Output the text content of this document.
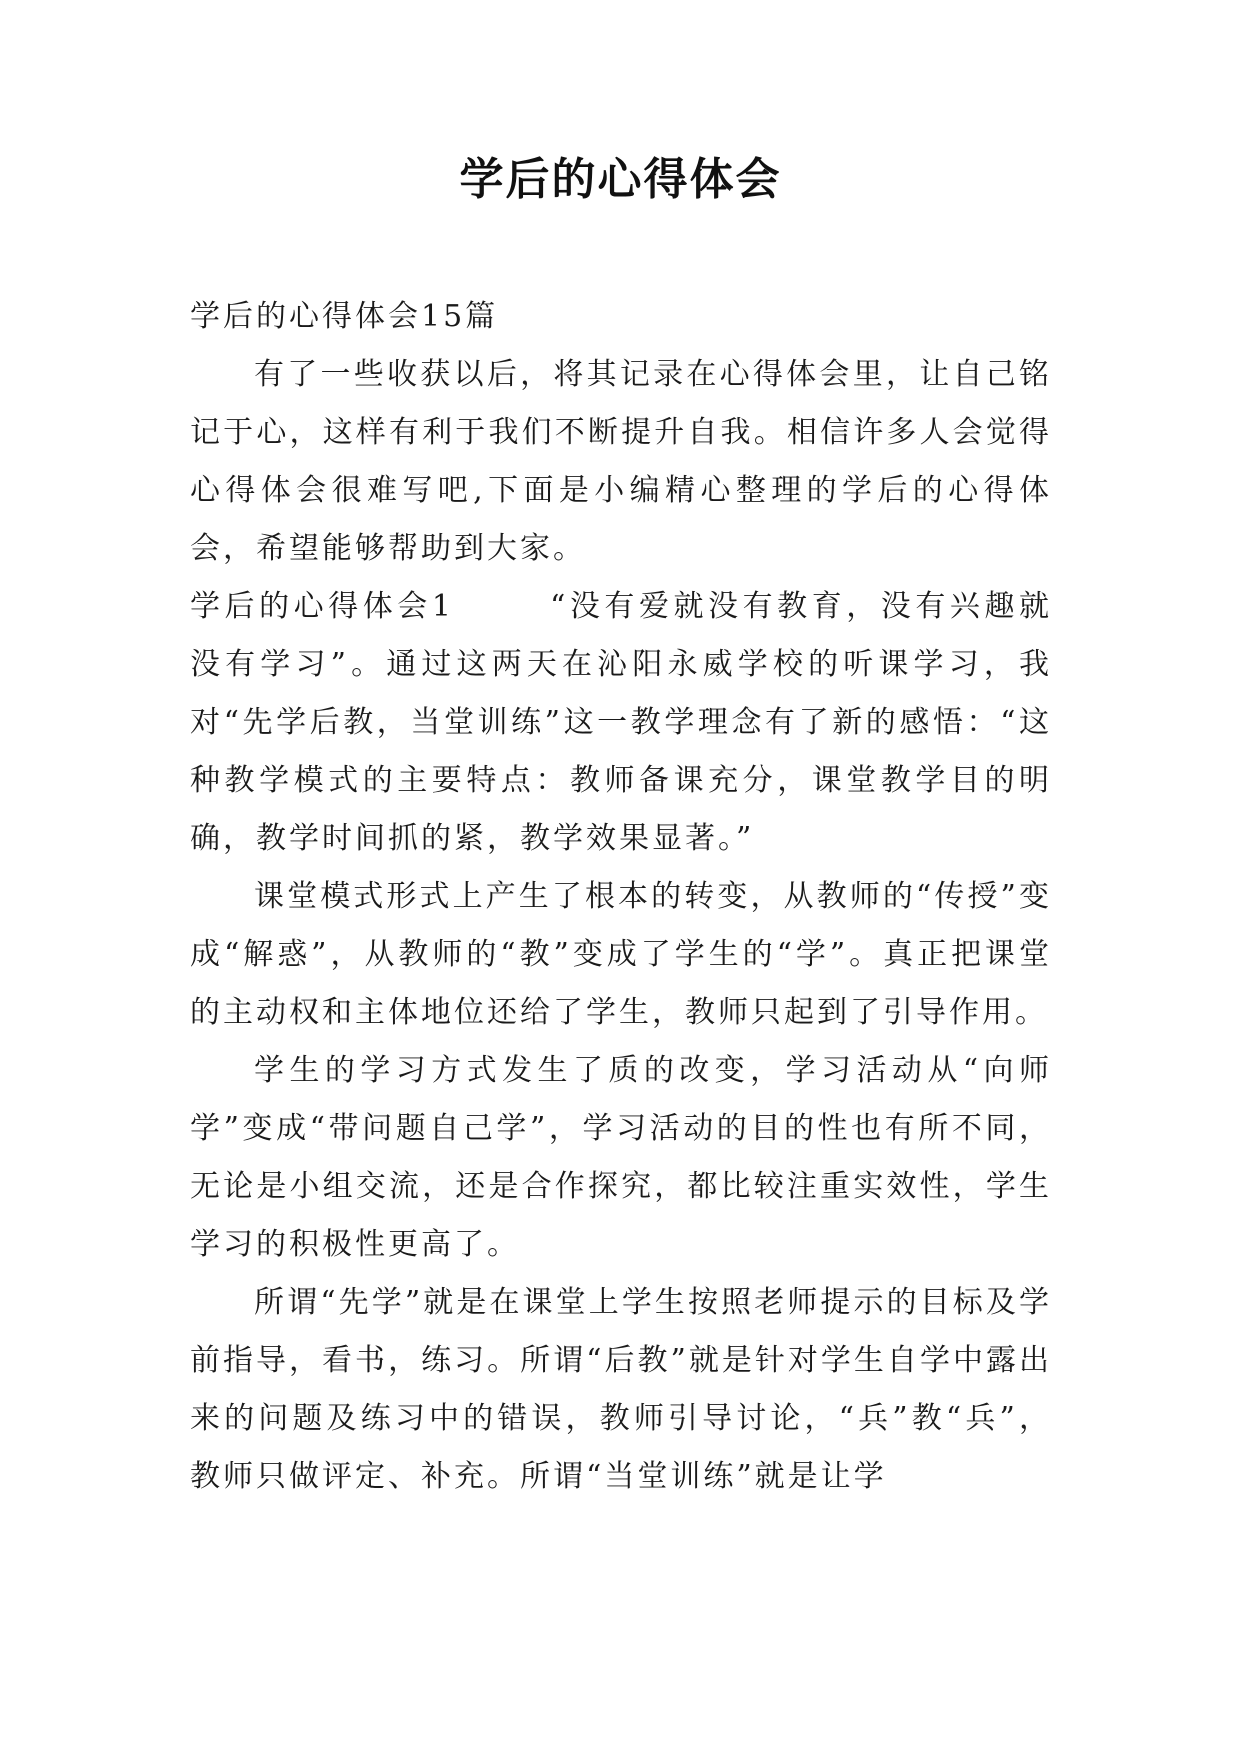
学后的心得体会

学后的心得体会15篇

有了一些收获以后，将其记录在心得体会里，让自己铭记于心，这样有利于我们不断提升自我。相信许多人会觉得心得体会很难写吧,下面是小编精心整理的学后的心得体会，希望能够帮助到大家。

学后的心得体会1	“没有爱就没有教育，没有兴趣就没有学习”。通过这两天在沁阳永威学校的听课学习，我对“先学后教，当堂训练”这一教学理念有了新的感悟：“这种教学模式的主要特点：教师备课充分，课堂教学目的明确，教学时间抓的紧，教学效果显著。”

课堂模式形式上产生了根本的转变，从教师的“传授”变成“解惑”，从教师的“教”变成了学生的“学”。真正把课堂的主动权和主体地位还给了学生，教师只起到了引导作用。

学生的学习方式发生了质的改变，学习活动从“向师学”变成“带问题自己学”，学习活动的目的性也有所不同，无论是小组交流，还是合作探究，都比较注重实效性，学生学习的积极性更高了。

所谓“先学”就是在课堂上学生按照老师提示的目标及学前指导，看书，练习。所谓“后教”就是针对学生自学中露出来的问题及练习中的错误，教师引导讨论，“兵”教“兵”，教师只做评定、补充。所谓“当堂训练”就是让学
